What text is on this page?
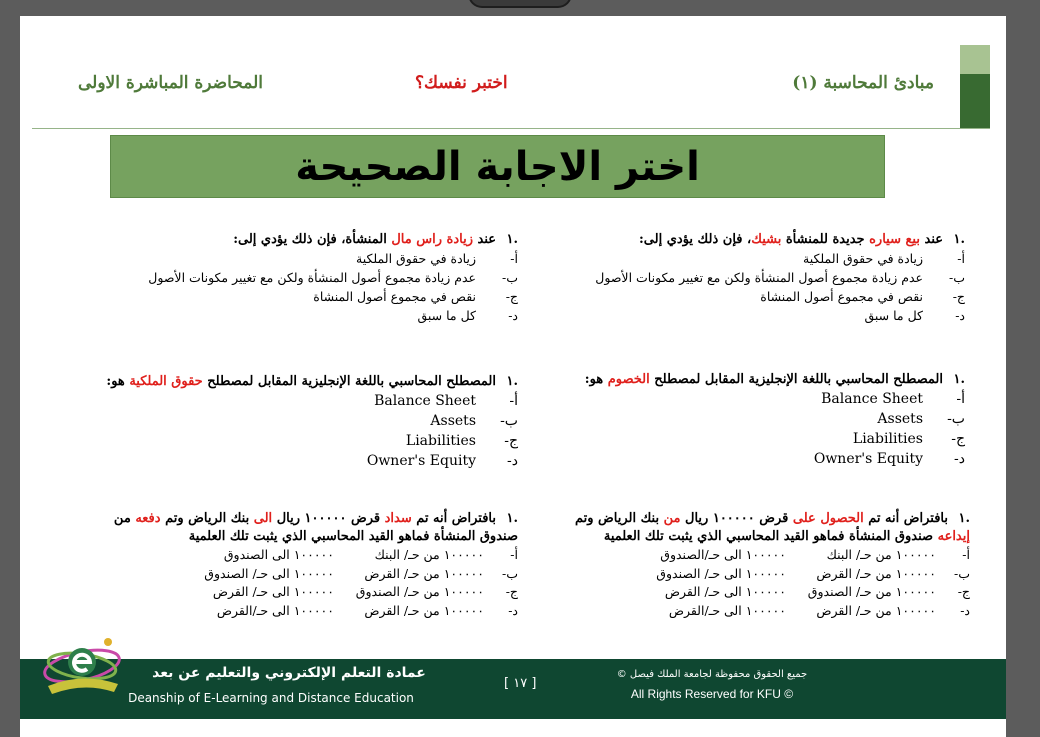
مبادئ المحاسبة (١)
اختبر نفسك؟
المحاضرة المباشرة الاولى
اختر الاجابة الصحيحة
.١عند بيع سياره جديدة للمنشأة بشيك، فإن ذلك يؤدي إلى:
أ-زيادة في حقوق الملكية
ب-عدم زيادة مجموع أصول المنشأة ولكن مع تغيير مكونات الأصول
ج-نقص في مجموع أصول المنشاة
د-كل ما سبق
.١عند زيادة راس مال المنشأة، فإن ذلك يؤدي إلى:
أ-زيادة في حقوق الملكية
ب-عدم زيادة مجموع أصول المنشأة ولكن مع تغيير مكونات الأصول
ج-نقص في مجموع أصول المنشاة
د-كل ما سبق
.١المصطلح المحاسبي باللغة الإنجليزية المقابل لمصطلح الخصوم هو:
أ-Balance Sheet
ب-Assets
ج-Liabilities
د-Owner's Equity
.١المصطلح المحاسبي باللغة الإنجليزية المقابل لمصطلح حقوق الملكية هو:
أ-Balance Sheet
ب-Assets
ج-Liabilities
د-Owner's Equity
.١بافتراض أنه تم الحصول على قرض ١٠٠٠٠٠ ريال من بنك الرياض وتم إيداعه صندوق المنشأة فماهو القيد المحاسبي الذي يثبت تلك العلمية
أ-	١٠٠٠٠٠ من حـ/ البنك	١٠٠٠٠٠ الى حـ/الصندوق
ب-	١٠٠٠٠٠ من حـ/ القرض	١٠٠٠٠٠ الى حـ/ الصندوق
ج-	١٠٠٠٠٠ من حـ/ الصندوق	١٠٠٠٠٠ الى حـ/ القرض
د-	١٠٠٠٠٠ من حـ/ القرض	١٠٠٠٠٠ الى حـ/القرض
.١بافتراض أنه تم سداد قرض ١٠٠٠٠٠ ريال الى بنك الرياض وتم دفعه من صندوق المنشأة فماهو القيد المحاسبي الذي يثبت تلك العلمية
أ-	١٠٠٠٠٠ من حـ/ البنك	١٠٠٠٠٠ الى الصندوق
ب-	١٠٠٠٠٠ من حـ/ القرض	١٠٠٠٠٠ الى حـ/ الصندوق
ج-	١٠٠٠٠٠ من حـ/ الصندوق	١٠٠٠٠٠ الى حـ/ القرض
د-	١٠٠٠٠٠ من حـ/ القرض	١٠٠٠٠٠ الى حـ/القرض
عمادة التعلم الإلكتروني والتعليم عن بعد
Deanship of E-Learning and Distance Education
[ ١٧ ]
جميع الحقوق محفوظة لجامعة الملك فيصل ©
All Rights Reserved for KFU ©
